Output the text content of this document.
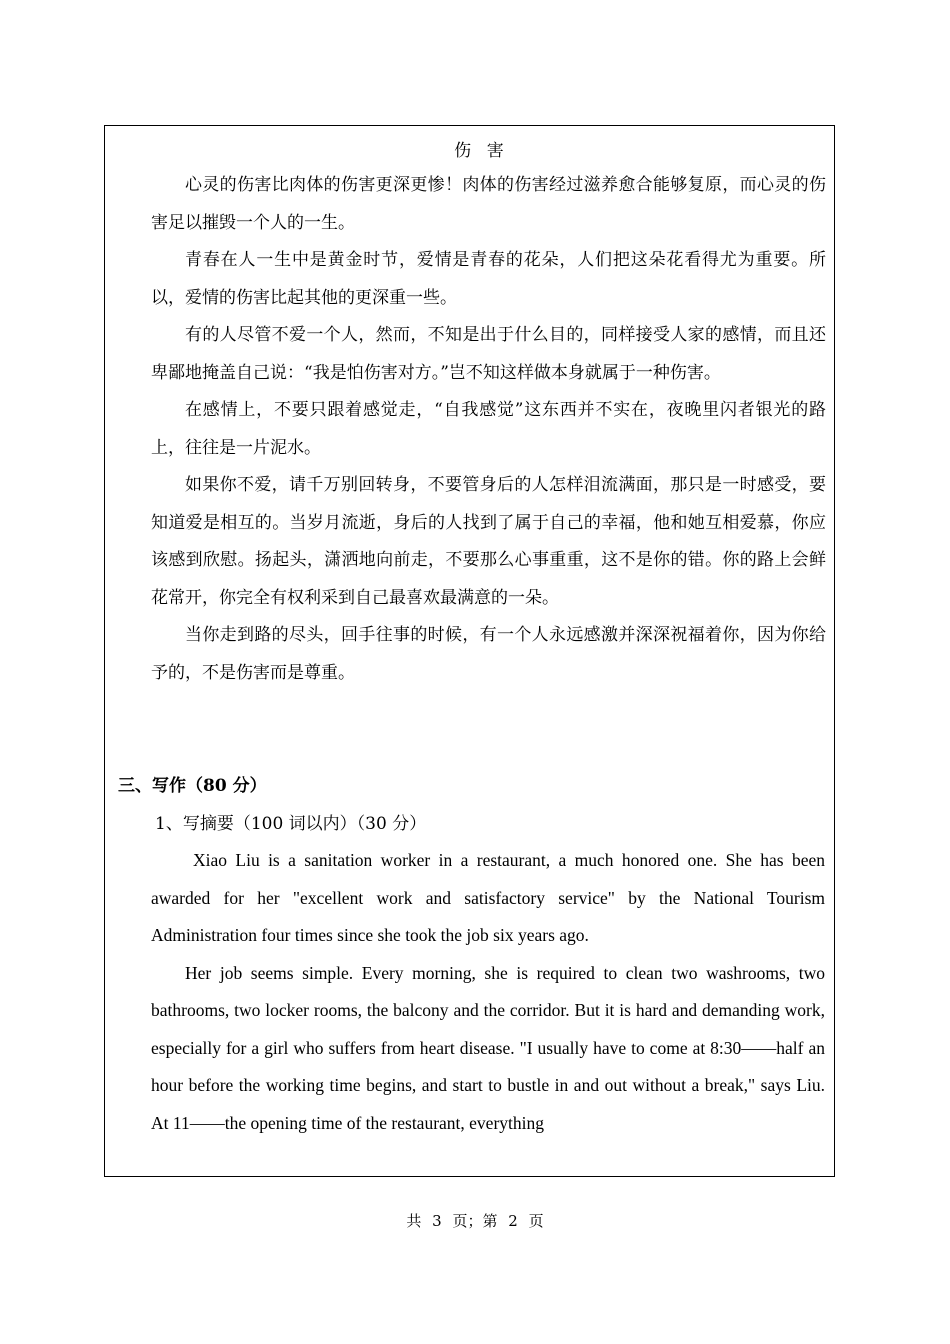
伤 害

心灵的伤害比肉体的伤害更深更惨！肉体的伤害经过滋养愈合能够复原，而心灵的伤害足以摧毁一个人的一生。

青春在人一生中是黄金时节，爱情是青春的花朵，人们把这朵花看得尤为重要。所以，爱情的伤害比起其他的更深重一些。

有的人尽管不爱一个人，然而，不知是出于什么目的，同样接受人家的感情，而且还卑鄙地掩盖自己说：“我是怕伤害对方。”岂不知这样做本身就属于一种伤害。

在感情上，不要只跟着感觉走，“自我感觉”这东西并不实在，夜晚里闪者银光的路上，往往是一片泥水。

如果你不爱，请千万别回转身，不要管身后的人怎样泪流满面，那只是一时感受，要知道爱是相互的。当岁月流逝，身后的人找到了属于自己的幸福，他和她互相爱慕，你应该感到欣慰。扬起头，潇洒地向前走，不要那么心事重重，这不是你的错。你的路上会鲜花常开，你完全有权利采到自己最喜欢最满意的一朵。

当你走到路的尽头，回手往事的时候，有一个人永远感激并深深祝福着你，因为你给予的，不是伤害而是尊重。

三、写作（80 分）
1、写摘要（100 词以内）（30 分）

Xiao Liu is a sanitation worker in a restaurant, a much honored one. She has been awarded for her "excellent work and satisfactory service" by the National Tourism Administration four times since she took the job six years ago.

Her job seems simple. Every morning, she is required to clean two washrooms, two bathrooms, two locker rooms, the balcony and the corridor. But it is hard and demanding work, especially for a girl who suffers from heart disease. "I usually have to come at 8:30——half an hour before the working time begins, and start to bustle in and out without a break," says Liu. At 11——the opening time of the restaurant, everything

共 3 页；第 2 页
